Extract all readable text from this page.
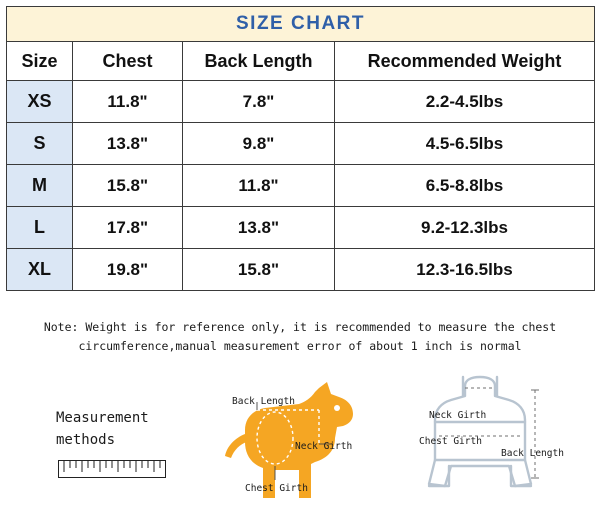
SIZE CHART			
Size	Chest	Back Length	Recommended Weight
XS	11.8"	7.8"	2.2-4.5lbs
S	13.8"	9.8"	4.5-6.5lbs
M	15.8"	11.8"	6.5-8.8lbs
L	17.8"	13.8"	9.2-12.3lbs
XL	19.8"	15.8"	12.3-16.5lbs
Note: Weight is for reference only, it is recommended to measure the chest
circumference,manual measurement error of about 1 inch is normal
Measurement
methods
Back Length
Neck Girth
Chest Girth
Neck Girth
Chest Girth
Back Length
